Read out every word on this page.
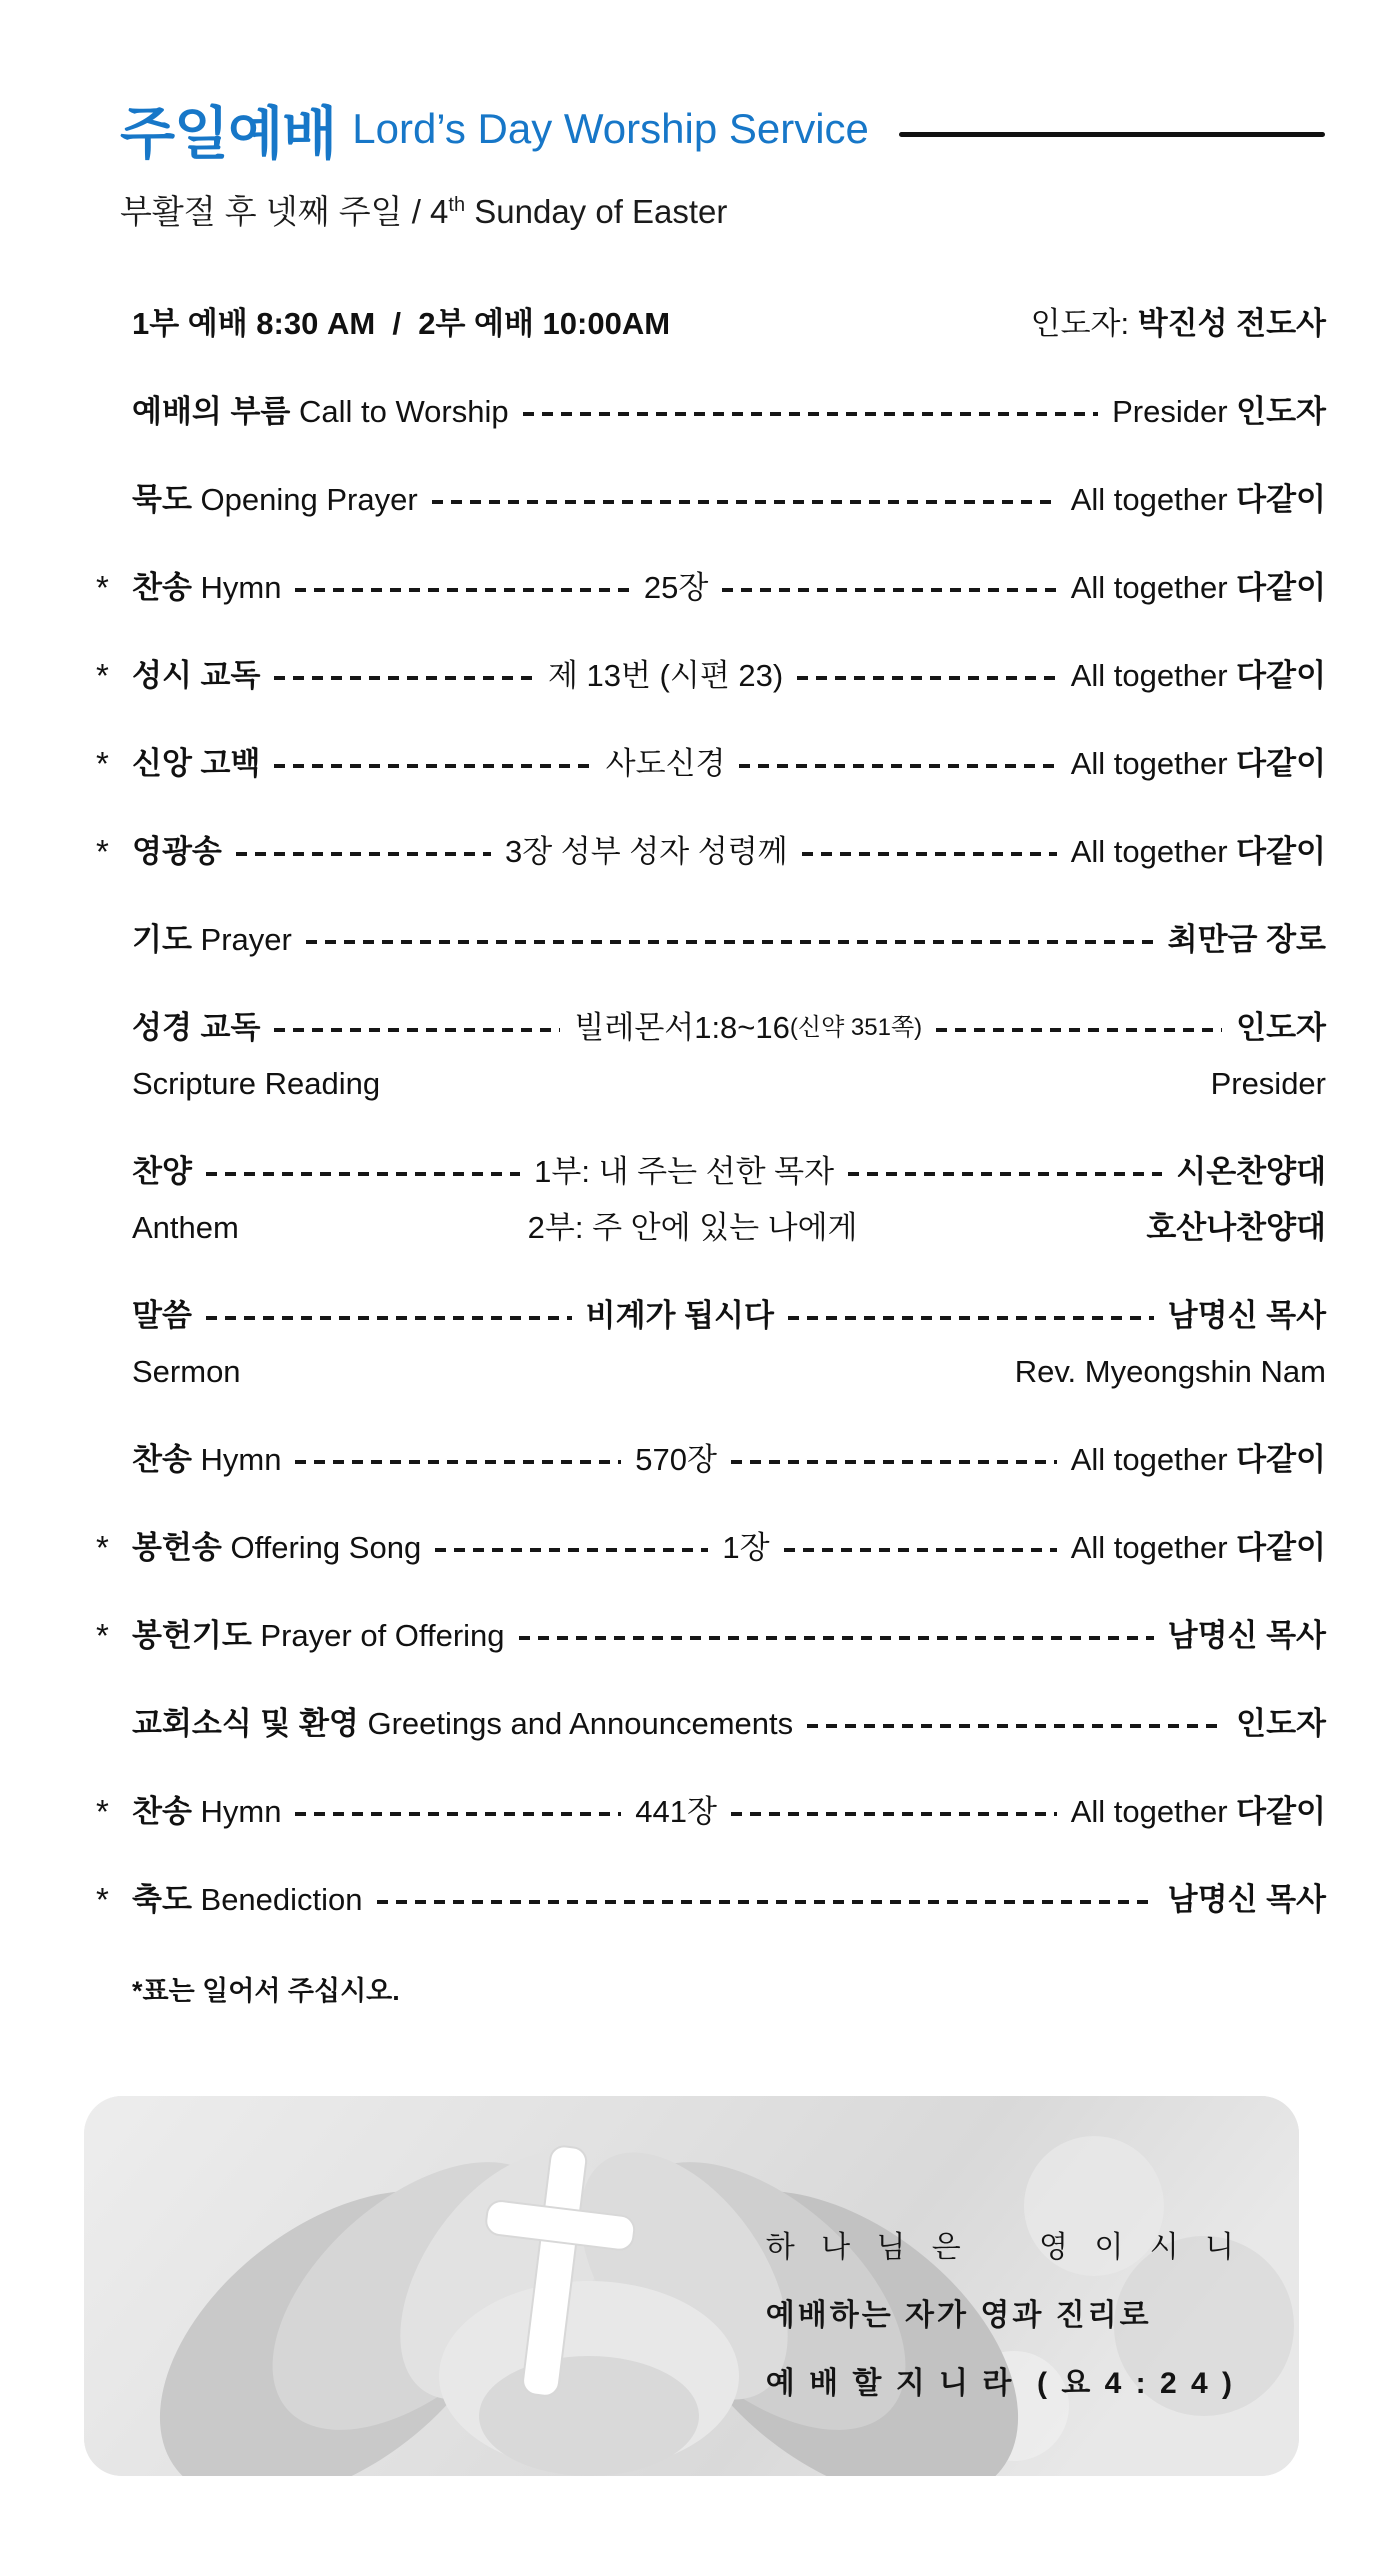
주일예배 Lord’s Day Worship Service
부활절 후 넷째 주일 / 4th Sunday of Easter
1부 예배 8:30 AM  /  2부 예배 10:00AM	인도자: 박진성 전도사
예배의 부름 Call to Worship	Presider 인도자
묵도 Opening Prayer	All together 다같이
* 찬송 Hymn	25장	All together 다같이
* 성시 교독	제 13번 (시편 23)	All together 다같이
* 신앙 고백	사도신경	All together 다같이
* 영광송	3장 성부 성자 성령께	All together 다같이
기도 Prayer	최만금 장로
성경 교독	빌레몬서1:8~16 (신약 351쪽)	인도자
Scripture Reading	Presider
찬양	1부: 내 주는 선한 목자	시온찬양대
Anthem	2부: 주 안에 있는 나에게	호산나찬양대
말씀	비계가 됩시다	남명신 목사
Sermon	Rev. Myeongshin Nam
찬송 Hymn	570장	All together 다같이
* 봉헌송 Offering Song	1장	All together 다같이
* 봉헌기도 Prayer of Offering	남명신 목사
교회소식 및 환영 Greetings and Announcements	인도자
* 찬송 Hymn	441장	All together 다같이
* 축도 Benediction	남명신 목사
*표는 일어서 주십시오.
하 나 님 은    영 이 시 니
예배하는 자가 영과 진리로
예 배 할 지 니 라  ( 요 4 : 2 4 )
